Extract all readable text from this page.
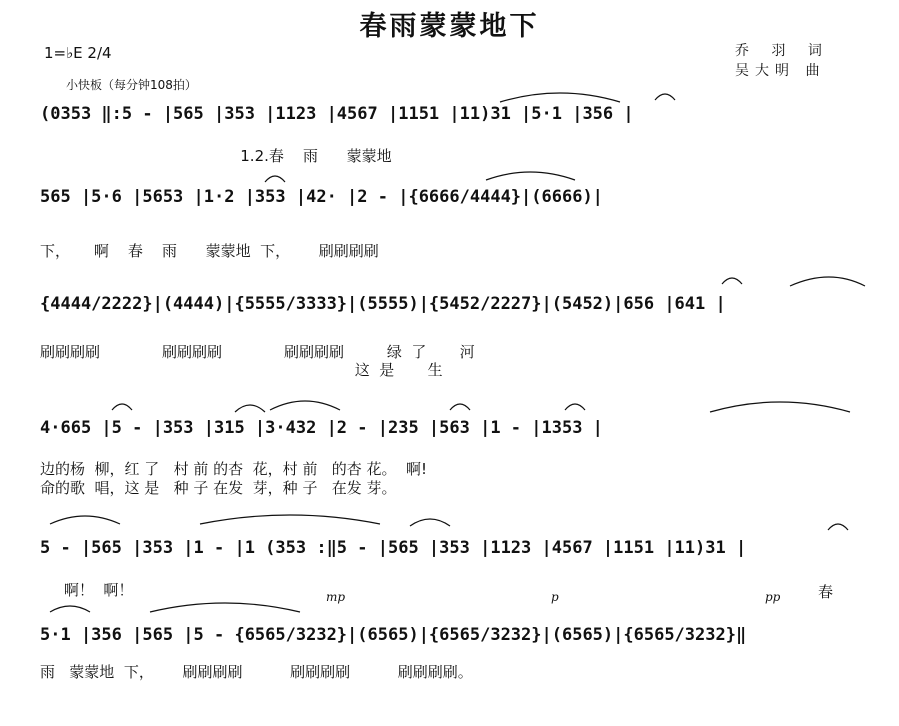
春雨蒙蒙地下
乔 羽 词
吴大明 曲
1=♭E 2/4
小快板（每分钟108拍）
(0353 ‖:5 - |565 |353 |1123 |4567 |1151 |11)31 |5·1 |356 |
1.2.春    雨      蒙蒙地
565 |5·6 |5653 |1·2 |353 |42· |2 - |{6666/4444}|(6666)|
下，     啊    春    雨      蒙蒙地  下，      刷刷刷刷
{4444/2222}|(4444)|{5555/3333}|(5555)|{5452/2227}|(5452)|656 |641 |
刷刷刷刷             刷刷刷刷             刷刷刷刷         绿  了       河
这  是       生
4·665 |5 - |353 |315 |3·432 |2 - |235 |563 |1 - |1353 |
边的杨  柳，红 了   村 前 的杏  花，村 前   的杏 花。  啊!
命的歌  唱，这 是   种 子 在发  芽，种 子   在发 芽。
5 - |565 |353 |1 - |1 (353 :‖5 - |565 |353 |1123 |4567 |1151 |11)31 |
啊！  啊！	mp	p	pp	春
5·1 |356 |565 |5 - {6565/3232}|(6565)|{6565/3232}|(6565)|{6565/3232}‖
雨   蒙蒙地  下，      刷刷刷刷          刷刷刷刷          刷刷刷刷。
